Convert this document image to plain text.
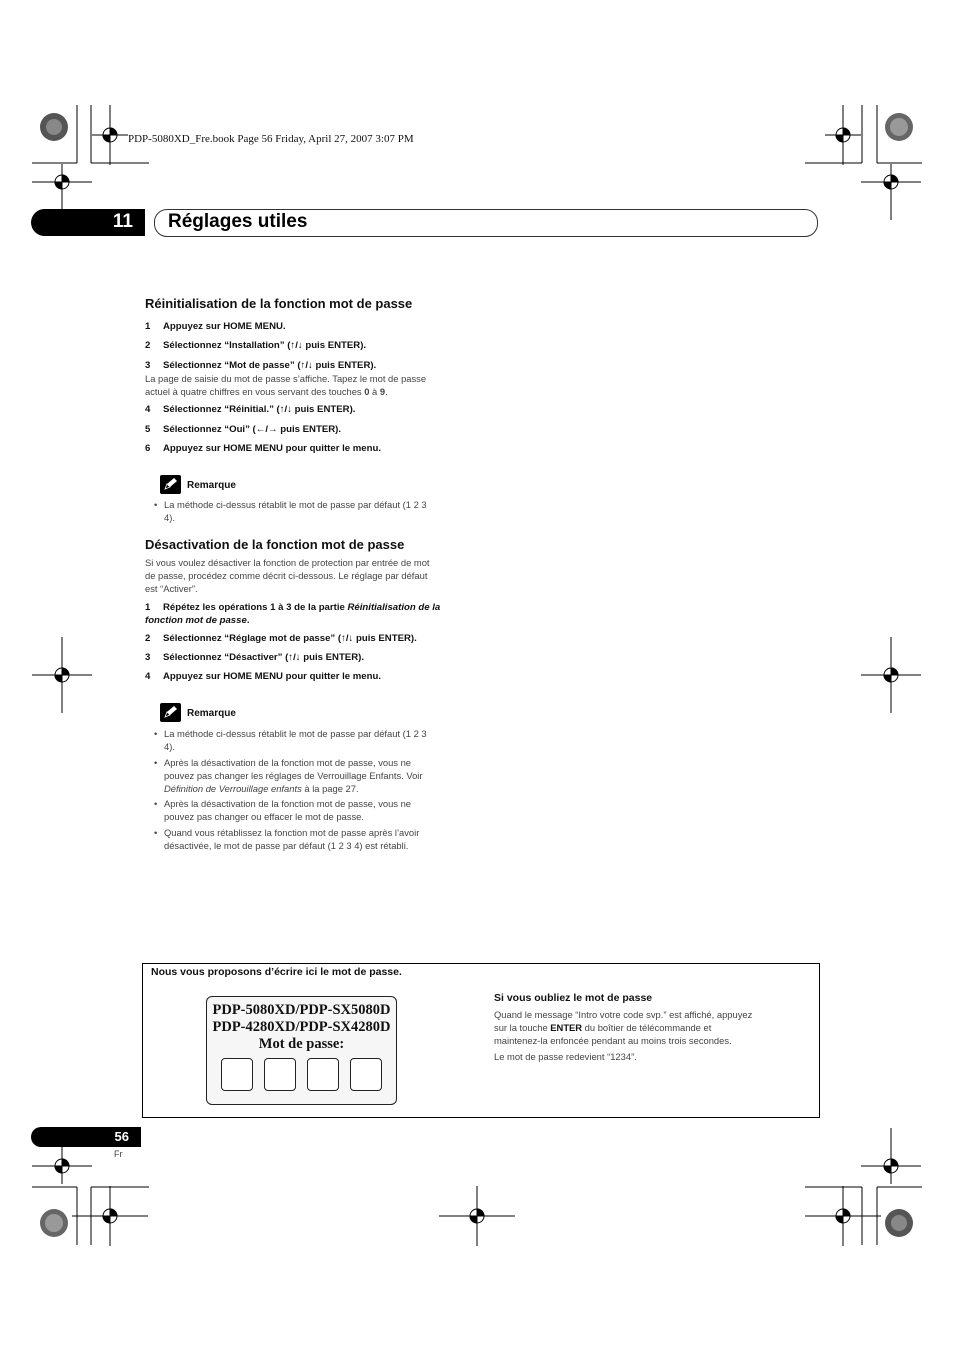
PDP-5080XD_Fre.book Page 56 Friday, April 27, 2007 3:07 PM
11 Réglages utiles
Réinitialisation de la fonction mot de passe
1 Appuyez sur HOME MENU.
2 Sélectionnez “Installation” (↑/↓ puis ENTER).
3 Sélectionnez “Mot de passe” (↑/↓ puis ENTER).
La page de saisie du mot de passe s’affiche. Tapez le mot de passe
actuel à quatre chiffres en vous servant des touches 0 à 9.
4 Sélectionnez “Réinitial.” (↑/↓ puis ENTER).
5 Sélectionnez “Oui” (←/→ puis ENTER).
6 Appuyez sur HOME MENU pour quitter le menu.
Remarque
• La méthode ci-dessus rétablit le mot de passe par défaut (1 2 3
4).
Désactivation de la fonction mot de passe
Si vous voulez désactiver la fonction de protection par entrée de mot
de passe, procédez comme décrit ci-dessous. Le réglage par défaut
est “Activer”.
1 Répétez les opérations 1 à 3 de la partie Réinitialisation de la
fonction mot de passe.
2 Sélectionnez “Réglage mot de passe” (↑/↓ puis ENTER).
3 Sélectionnez “Désactiver” (↑/↓ puis ENTER).
4 Appuyez sur HOME MENU pour quitter le menu.
Remarque
• La méthode ci-dessus rétablit le mot de passe par défaut (1 2 3
4).
• Après la désactivation de la fonction mot de passe, vous ne
pouvez pas changer les réglages de Verrouillage Enfants. Voir
Définition de Verrouillage enfants à la page 27.
• Après la désactivation de la fonction mot de passe, vous ne
pouvez pas changer ou effacer le mot de passe.
• Quand vous rétablissez la fonction mot de passe après l’avoir
désactivée, le mot de passe par défaut (1 2 3 4) est rétabli.
Nous vous proposons d’écrire ici le mot de passe.
PDP-5080XD/PDP-SX5080D
PDP-4280XD/PDP-SX4280D
Mot de passe:
Si vous oubliez le mot de passe
Quand le message “Intro votre code svp.” est affiché, appuyez
sur la touche ENTER du boîtier de télécommande et
maintenez-la enfoncée pendant au moins trois secondes.
Le mot de passe redevient “1234”.
56
Fr
